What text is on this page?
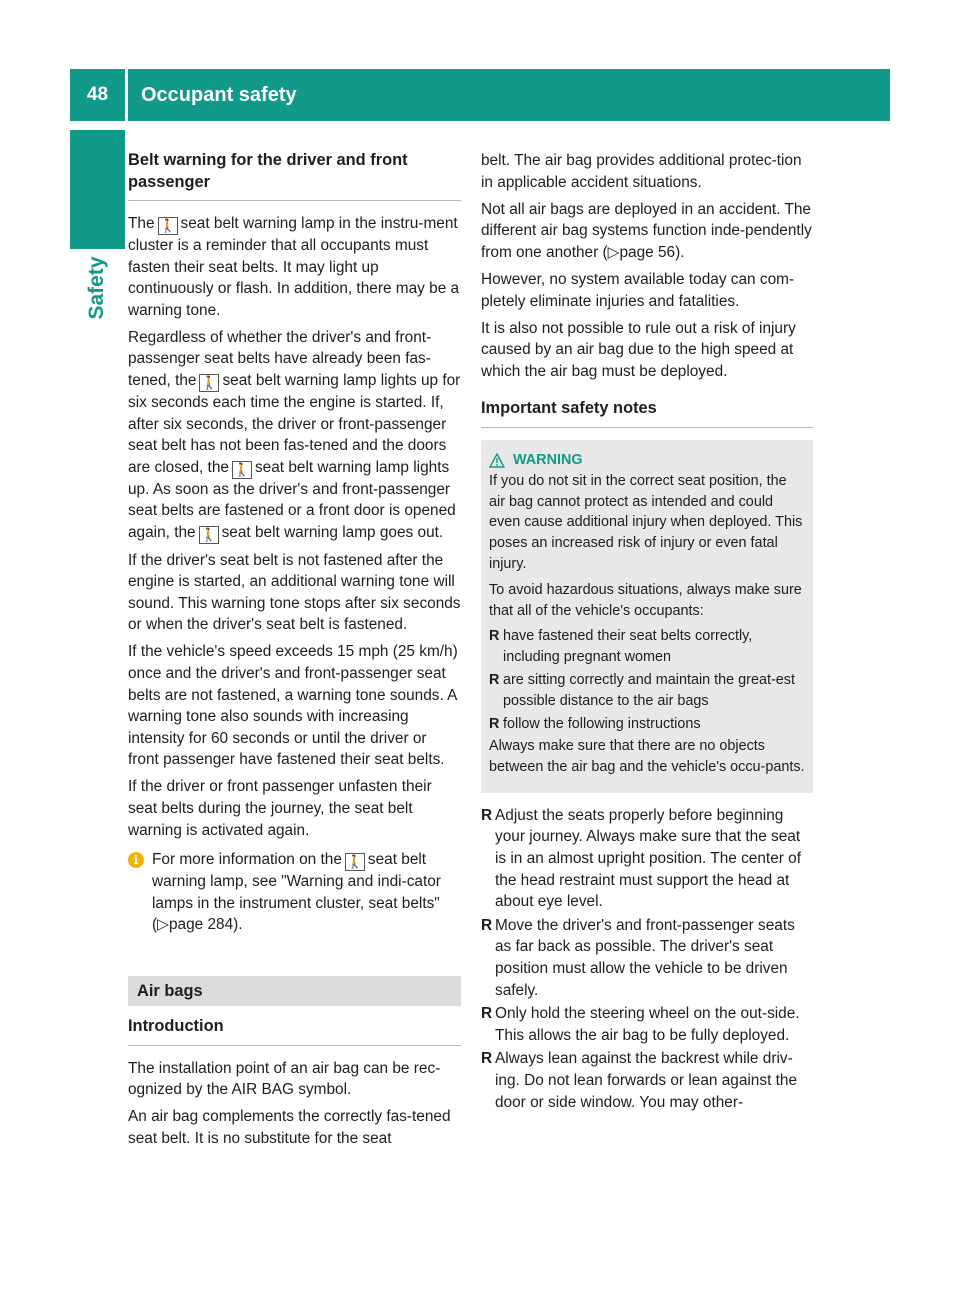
48	Occupant safety
Safety
Belt warning for the driver and front passenger

The 🚶 seat belt warning lamp in the instru-ment cluster is a reminder that all occupants must fasten their seat belts. It may light up continuously or flash. In addition, there may be a warning tone.

Regardless of whether the driver's and front-passenger seat belts have already been fas-tened, the 🚶 seat belt warning lamp lights up for six seconds each time the engine is started. If, after six seconds, the driver or front-passenger seat belt has not been fas-tened and the doors are closed, the 🚶 seat belt warning lamp lights up. As soon as the driver's and front-passenger seat belts are fastened or a front door is opened again, the 🚶 seat belt warning lamp goes out.

If the driver's seat belt is not fastened after the engine is started, an additional warning tone will sound. This warning tone stops after six seconds or when the driver's seat belt is fastened.

If the vehicle's speed exceeds 15 mph (25 km/h) once and the driver's and front-passenger seat belts are not fastened, a warning tone sounds. A warning tone also sounds with increasing intensity for 60 seconds or until the driver or front passenger have fastened their seat belts.

If the driver or front passenger unfasten their seat belts during the journey, the seat belt warning is activated again.

i For more information on the 🚶 seat belt warning lamp, see "Warning and indi-cator lamps in the instrument cluster, seat belts" (▷page 284).
Air bags
Introduction

The installation point of an air bag can be rec-ognized by the AIR BAG symbol.

An air bag complements the correctly fas-tened seat belt. It is no substitute for the seat

belt. The air bag provides additional protec-tion in applicable accident situations.

Not all air bags are deployed in an accident. The different air bag systems function inde-pendently from one another (▷page 56).

However, no system available today can com-pletely eliminate injuries and fatalities.

It is also not possible to rule out a risk of injury caused by an air bag due to the high speed at which the air bag must be deployed.

Important safety notes
WARNING

If you do not sit in the correct seat position, the air bag cannot protect as intended and could even cause additional injury when deployed. This poses an increased risk of injury or even fatal injury.

To avoid hazardous situations, always make sure that all of the vehicle's occupants:

R have fastened their seat belts correctly, including pregnant women
R are sitting correctly and maintain the great-est possible distance to the air bags
R follow the following instructions

Always make sure that there are no objects between the air bag and the vehicle's occu-pants.

R Adjust the seats properly before beginning your journey. Always make sure that the seat is in an almost upright position. The center of the head restraint must support the head at about eye level.
R Move the driver's and front-passenger seats as far back as possible. The driver's seat position must allow the vehicle to be driven safely.
R Only hold the steering wheel on the out-side. This allows the air bag to be fully deployed.
R Always lean against the backrest while driv-ing. Do not lean forwards or lean against the door or side window. You may other-
